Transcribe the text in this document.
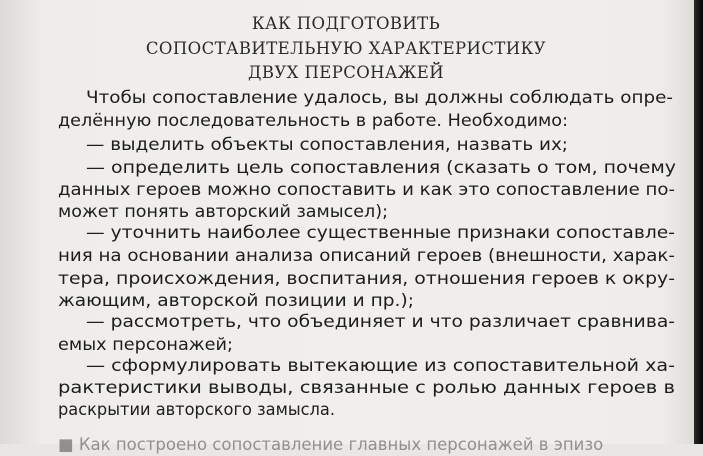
КАК ПОДГОТОВИТЬ
СОПОСТАВИТЕЛЬНУЮ ХАРАКТЕРИСТИКУ
ДВУХ ПЕРСОНАЖЕЙ
Чтобы сопоставление удалось, вы должны соблюдать опре-
делённую последовательность в работе. Необходимо:
— выделить объекты сопоставления, назвать их;
— определить цель сопоставления (сказать о том, почему
данных героев можно сопоставить и как это сопоставление по-
может понять авторский замысел);
— уточнить наиболее существенные признаки сопоставле-
ния на основании анализа описаний героев (внешности, харак-
тера, происхождения, воспитания, отношения героев к окру-
жающим, авторской позиции и пр.);
— рассмотреть, что объединяет и что различает сравнива-
емых персонажей;
— сформулировать вытекающие из сопоставительной ха-
рактеристики выводы, связанные с ролью данных героев в
раскрытии авторского замысла.
■ Как построено сопоставление главных персонажей в эпизо
